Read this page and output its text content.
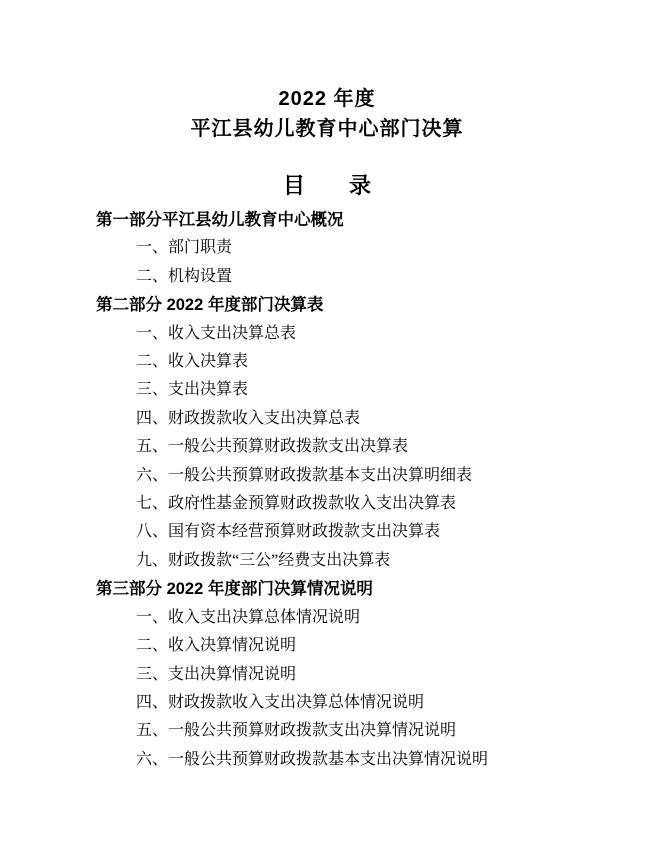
2022 年度
平江县幼儿教育中心部门决算
目　　录
第一部分平江县幼儿教育中心概况
一、部门职责
二、机构设置
第二部分 2022 年度部门决算表
一、收入支出决算总表
二、收入决算表
三、支出决算表
四、财政拨款收入支出决算总表
五、一般公共预算财政拨款支出决算表
六、一般公共预算财政拨款基本支出决算明细表
七、政府性基金预算财政拨款收入支出决算表
八、国有资本经营预算财政拨款支出决算表
九、财政拨款“三公”经费支出决算表
第三部分 2022 年度部门决算情况说明
一、收入支出决算总体情况说明
二、收入决算情况说明
三、支出决算情况说明
四、财政拨款收入支出决算总体情况说明
五、一般公共预算财政拨款支出决算情况说明
六、一般公共预算财政拨款基本支出决算情况说明
